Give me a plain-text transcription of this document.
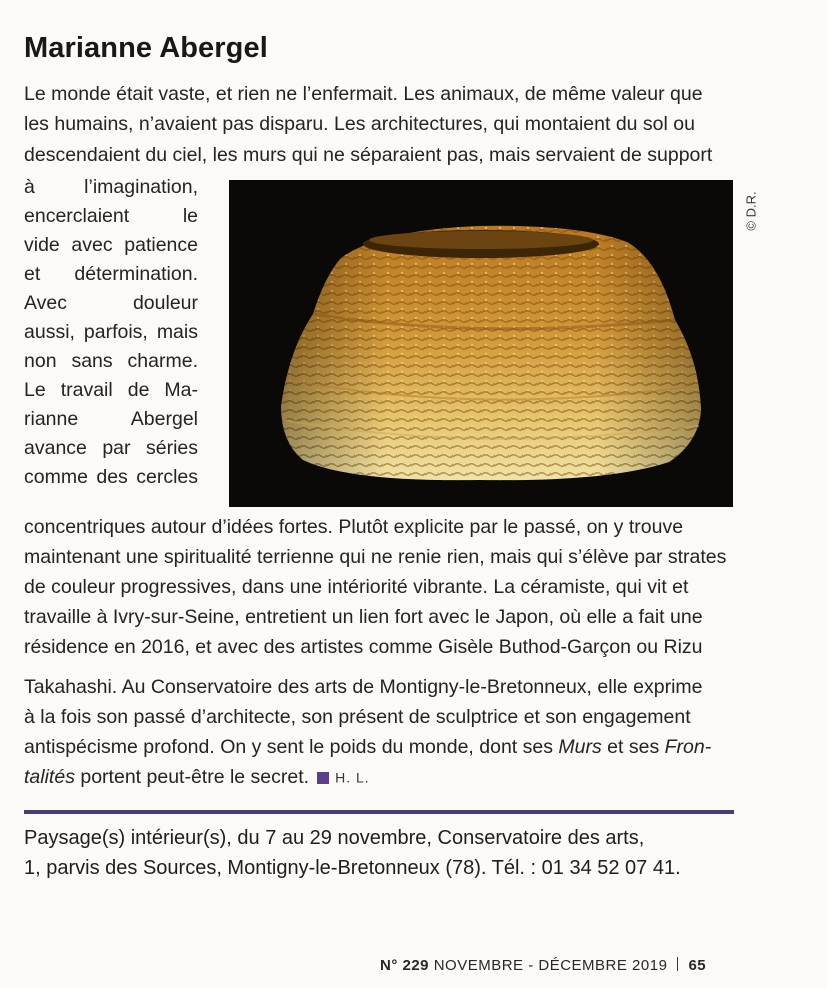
Marianne Abergel
Le monde était vaste, et rien ne l’enfermait. Les animaux, de même valeur que
les humains, n’avaient pas disparu. Les architectures, qui montaient du sol ou
descendaient du ciel, les murs qui ne séparaient pas, mais servaient de support
à l’imagination,
encerclaient le
vide avec patience
et détermination.
Avec douleur
aussi, parfois, mais
non sans charme.
Le travail de Ma-
rianne Abergel
avance par séries
comme des cercles
© D.R.
concentriques autour d’idées fortes. Plutôt explicite par le passé, on y trouve
maintenant une spiritualité terrienne qui ne renie rien, mais qui s’élève par strates
de couleur progressives, dans une intériorité vibrante. La céramiste, qui vit et
travaille à Ivry-sur-Seine, entretient un lien fort avec le Japon, où elle a fait une
résidence en 2016, et avec des artistes comme Gisèle Buthod-Garçon ou Rizu
Takahashi. Au Conservatoire des arts de Montigny-le-Bretonneux, elle exprime
à la fois son passé d’architecte, son présent de sculptrice et son engagement
antispécisme profond. On y sent le poids du monde, dont ses Murs et ses Fron-
talités portent peut-être le secret. H. L.
Paysage(s) intérieur(s), du 7 au 29 novembre, Conservatoire des arts,
1, parvis des Sources, Montigny-le-Bretonneux (78). Tél. : 01 34 52 07 41.
N° 229 NOVEMBRE - DÉCEMBRE 2019 65
